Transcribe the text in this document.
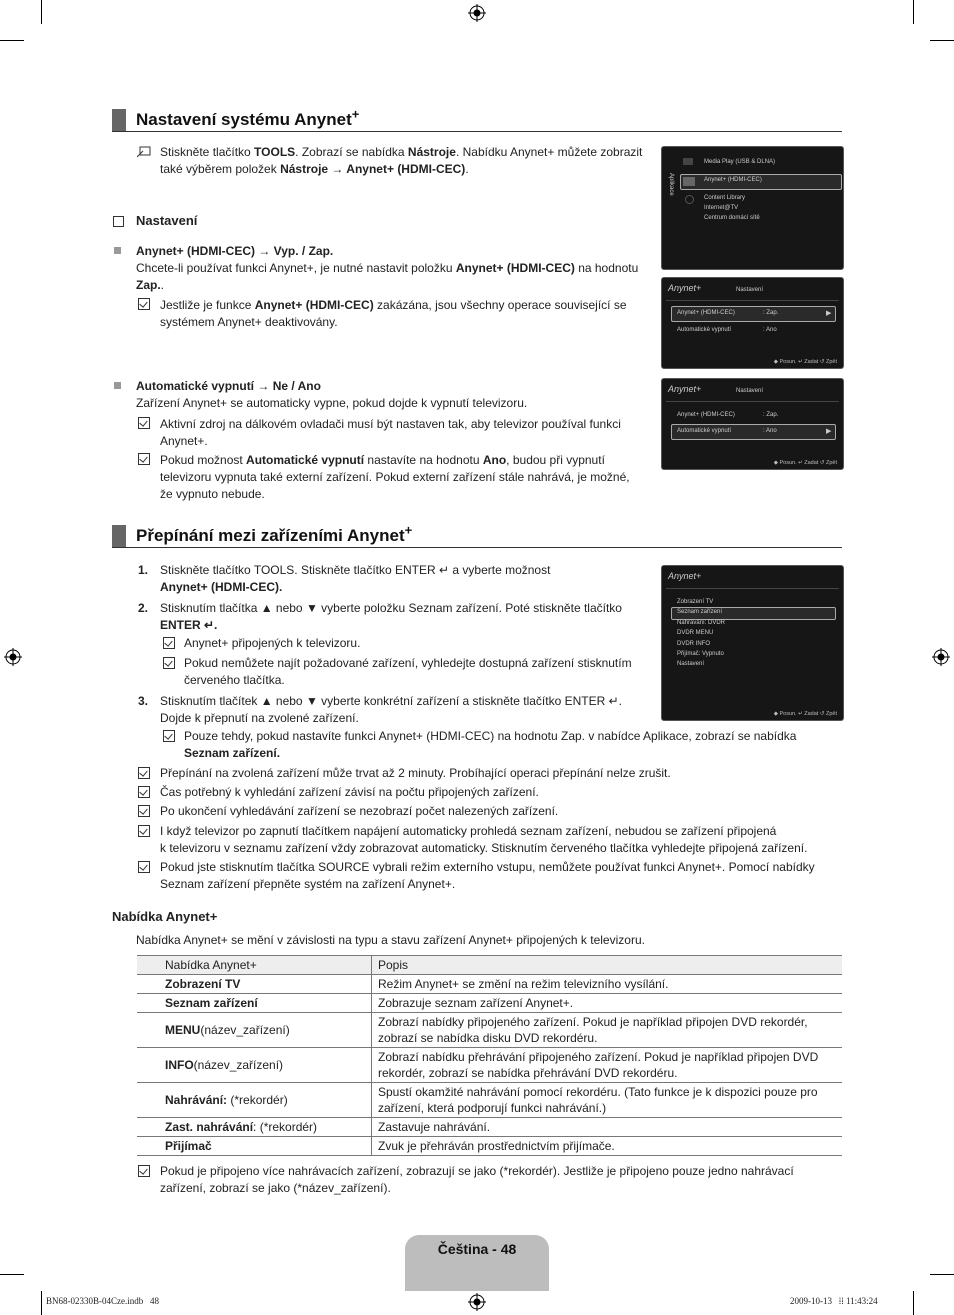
Nastavení systému Anynet+
Stiskněte tlačítko TOOLS. Zobrazí se nabídka Nástroje. Nabídku Anynet+ můžete zobrazit
také výběrem položek Nástroje → Anynet+ (HDMI-CEC).
Nastavení
Anynet+ (HDMI-CEC) → Vyp. / Zap.
Chcete-li používat funkci Anynet+, je nutné nastavit položku Anynet+ (HDMI-CEC) na hodnotu
Zap..
Jestliže je funkce Anynet+ (HDMI-CEC) zakázána, jsou všechny operace související se
systémem Anynet+ deaktivovány.
Automatické vypnutí → Ne / Ano
Zařízení Anynet+ se automaticky vypne, pokud dojde k vypnutí televizoru.
Aktivní zdroj na dálkovém ovladači musí být nastaven tak, aby televizor používal funkci
Anynet+.
Pokud možnost Automatické vypnutí nastavíte na hodnotu Ano, budou při vypnutí
televizoru vypnuta také externí zařízení. Pokud externí zařízení stále nahrává, je možné,
že vypnuto nebude.
Aplikace
Media Play (USB & DLNA)
Anynet+ (HDMI-CEC)
Content Library
Internet@TV
Centrum domácí sítě
Anynet+	Nastavení
Anynet+ (HDMI-CEC)	: Zap.	▶
Automatické vypnutí	: Ano
◆ Posun. ↵ Zadat ↺ Zpět
Anynet+	Nastavení
Anynet+ (HDMI-CEC)	: Zap.
Automatické vypnutí	: Ano	▶
◆ Posun. ↵ Zadat ↺ Zpět
Přepínání mezi zařízeními Anynet+
1. Stiskněte tlačítko TOOLS. Stiskněte tlačítko ENTER ↵ a vyberte možnost
Anynet+ (HDMI-CEC).
2. Stisknutím tlačítka ▲ nebo ▼ vyberte položku Seznam zařízení. Poté stiskněte tlačítko
ENTER ↵.
Anynet+ připojených k televizoru.
Pokud nemůžete najít požadované zařízení, vyhledejte dostupná zařízení stisknutím
červeného tlačítka.
3. Stisknutím tlačítek ▲ nebo ▼ vyberte konkrétní zařízení a stiskněte tlačítko ENTER ↵.
Dojde k přepnutí na zvolené zařízení.
Pouze tehdy, pokud nastavíte funkci Anynet+ (HDMI-CEC) na hodnotu Zap. v nabídce Aplikace, zobrazí se nabídka
Seznam zařízení.
Anynet+
Zobrazení TV
Seznam zařízení
Nahrávání: DVDR
DVDR MENU
DVDR INFO
Přijímač: Vypnuto
Nastavení
◆ Posun. ↵ Zadat ↺ Zpět
Přepínání na zvolená zařízení může trvat až 2 minuty. Probíhající operaci přepínání nelze zrušit.
Čas potřebný k vyhledání zařízení závisí na počtu připojených zařízení.
Po ukončení vyhledávání zařízení se nezobrazí počet nalezených zařízení.
I když televizor po zapnutí tlačítkem napájení automaticky prohledá seznam zařízení, nebudou se zařízení připojená
k televizoru v seznamu zařízení vždy zobrazovat automaticky. Stisknutím červeného tlačítka vyhledejte připojená zařízení.
Pokud jste stisknutím tlačítka SOURCE vybrali režim externího vstupu, nemůžete používat funkci Anynet+. Pomocí nabídky
Seznam zařízení přepněte systém na zařízení Anynet+.
Nabídka Anynet+
Nabídka Anynet+ se mění v závislosti na typu a stavu zařízení Anynet+ připojených k televizoru.
Nabídka Anynet+	Popis
Zobrazení TV	Režim Anynet+ se změní na režim televizního vysílání.
Seznam zařízení	Zobrazuje seznam zařízení Anynet+.
MENU(název_zařízení)	Zobrazí nabídky připojeného zařízení. Pokud je například připojen DVD rekordér, zobrazí se nabídka disku DVD rekordéru.
INFO(název_zařízení)	Zobrazí nabídku přehrávání připojeného zařízení. Pokud je například připojen DVD rekordér, zobrazí se nabídka přehrávání DVD rekordéru.
Nahrávání: (*rekordér)	Spustí okamžité nahrávání pomocí rekordéru. (Tato funkce je k dispozici pouze pro zařízení, která podporují funkci nahrávání.)
Zast. nahrávání: (*rekordér)	Zastavuje nahrávání.
Přijímač	Zvuk je přehráván prostřednictvím přijímače.
Pokud je připojeno více nahrávacích zařízení, zobrazují se jako (*rekordér). Jestliže je připojeno pouze jedno nahrávací
zařízení, zobrazí se jako (*název_zařízení).
Čeština - 48
BN68-02330B-04Cze.indb   48	2009-10-13   ⁞⁞ 11:43:24
